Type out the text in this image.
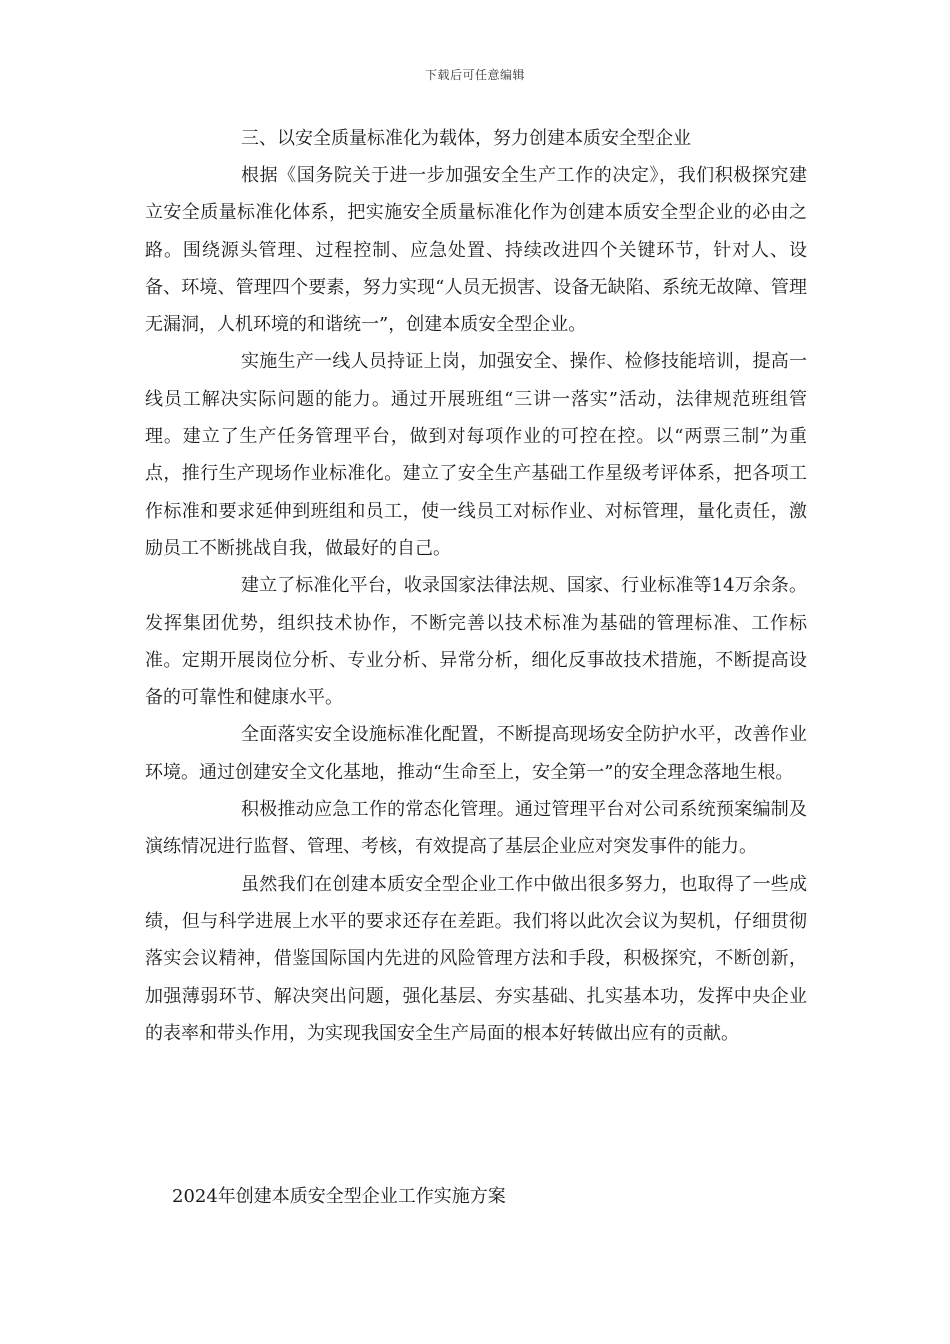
下载后可任意编辑
三、以安全质量标准化为载体，努力创建本质安全型企业

根据《国务院关于进一步加强安全生产工作的决定》，我们积极探究建立安全质量标准化体系，把实施安全质量标准化作为创建本质安全型企业的必由之路。围绕源头管理、过程控制、应急处置、持续改进四个关键环节，针对人、设备、环境、管理四个要素，努力实现“人员无损害、设备无缺陷、系统无故障、管理无漏洞，人机环境的和谐统一”，创建本质安全型企业。

实施生产一线人员持证上岗，加强安全、操作、检修技能培训，提高一线员工解决实际问题的能力。通过开展班组“三讲一落实”活动，法律规范班组管理。建立了生产任务管理平台，做到对每项作业的可控在控。以“两票三制”为重点，推行生产现场作业标准化。建立了安全生产基础工作星级考评体系，把各项工作标准和要求延伸到班组和员工，使一线员工对标作业、对标管理，量化责任，激励员工不断挑战自我，做最好的自己。

建立了标准化平台，收录国家法律法规、国家、行业标准等14万余条。发挥集团优势，组织技术协作，不断完善以技术标准为基础的管理标准、工作标准。定期开展岗位分析、专业分析、异常分析，细化反事故技术措施，不断提高设备的可靠性和健康水平。

全面落实安全设施标准化配置，不断提高现场安全防护水平，改善作业环境。通过创建安全文化基地，推动“生命至上，安全第一”的安全理念落地生根。

积极推动应急工作的常态化管理。通过管理平台对公司系统预案编制及演练情况进行监督、管理、考核，有效提高了基层企业应对突发事件的能力。

虽然我们在创建本质安全型企业工作中做出很多努力，也取得了一些成绩，但与科学进展上水平的要求还存在差距。我们将以此次会议为契机，仔细贯彻落实会议精神，借鉴国际国内先进的风险管理方法和手段，积极探究，不断创新，加强薄弱环节、解决突出问题，强化基层、夯实基础、扎实基本功，发挥中央企业的表率和带头作用，为实现我国安全生产局面的根本好转做出应有的贡献。

2024年创建本质安全型企业工作实施方案
